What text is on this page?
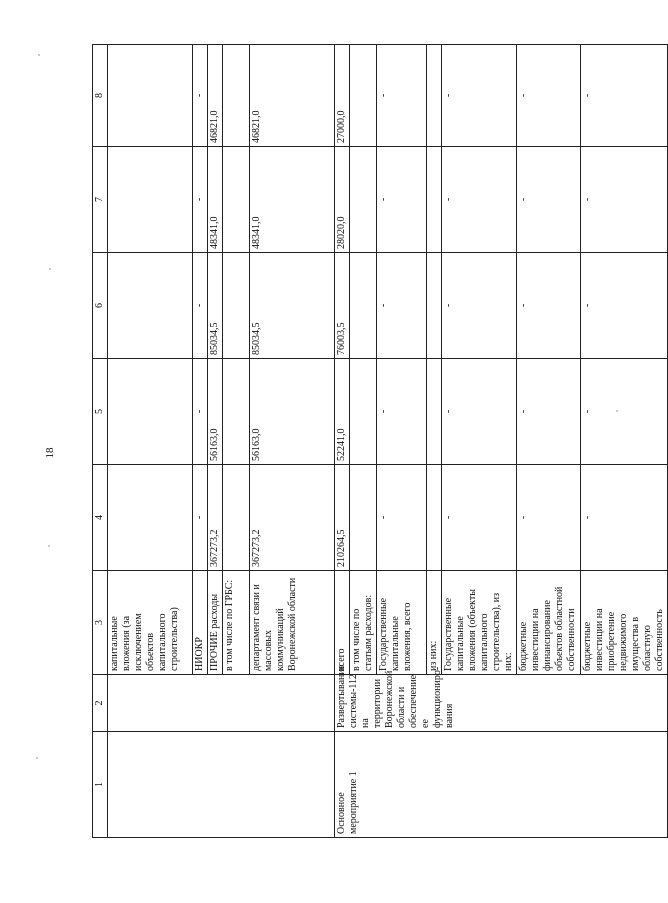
18
1	2	3	4	5	6	7	8
		капитальные вложения (за исключением объектов капитального строительства)					
		НИОКР	-	-	-	-	-
		ПРОЧИЕ расходы	367273,2	56163,0	85034,5	48341,0	46821,0
		в том числе по ГРБС:					
		департамент связи и массовых коммуникаций Воронежской области	367273,2	56163,0	85034,5	48341,0	46821,0
Основное мероприятие 1	Развертывание системы-112 на территории Воронежской области и обеспечение ее функциониро-вания	всего	210264,5	52241,0	76003,5	28020,0	27000,0
		в том числе по статьям расходов:					
		Государственные капитальные вложения, всего	-	-	-	-	-
		из них:					
		Государственные капитальные вложения (объекты капитального строительства), из них:	-	-	-	-	-
		бюджетные инвестиции на финансирование объектов областной собственности	-	-	-	-	-
		бюджетные инвестиции на приобретение недвижимого имущества в областную собственность	-	-	-	-	-
